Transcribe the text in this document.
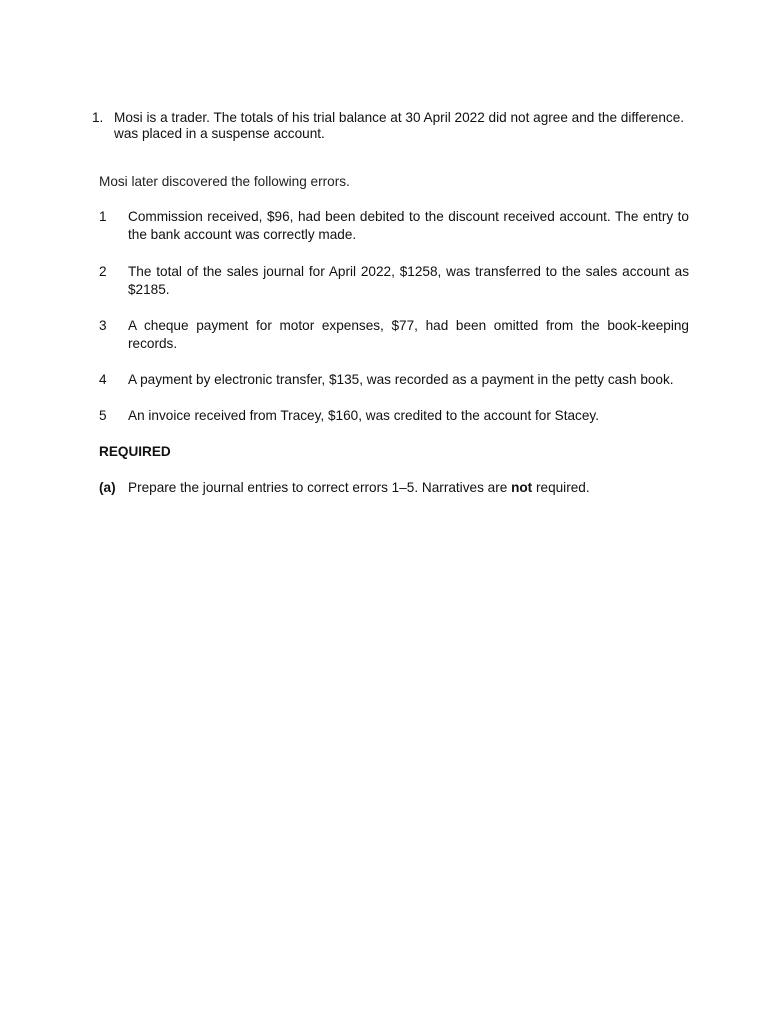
1. Mosi is a trader. The totals of his trial balance at 30 April 2022 did not agree and the difference. was placed in a suspense account.
Mosi later discovered the following errors.
1 Commission received, $96, had been debited to the discount received account. The entry to the bank account was correctly made.
2 The total of the sales journal for April 2022, $1258, was transferred to the sales account as $2185.
3 A cheque payment for motor expenses, $77, had been omitted from the book-keeping records.
4 A payment by electronic transfer, $135, was recorded as a payment in the petty cash book.
5 An invoice received from Tracey, $160, was credited to the account for Stacey.
REQUIRED
(a) Prepare the journal entries to correct errors 1–5. Narratives are not required.
